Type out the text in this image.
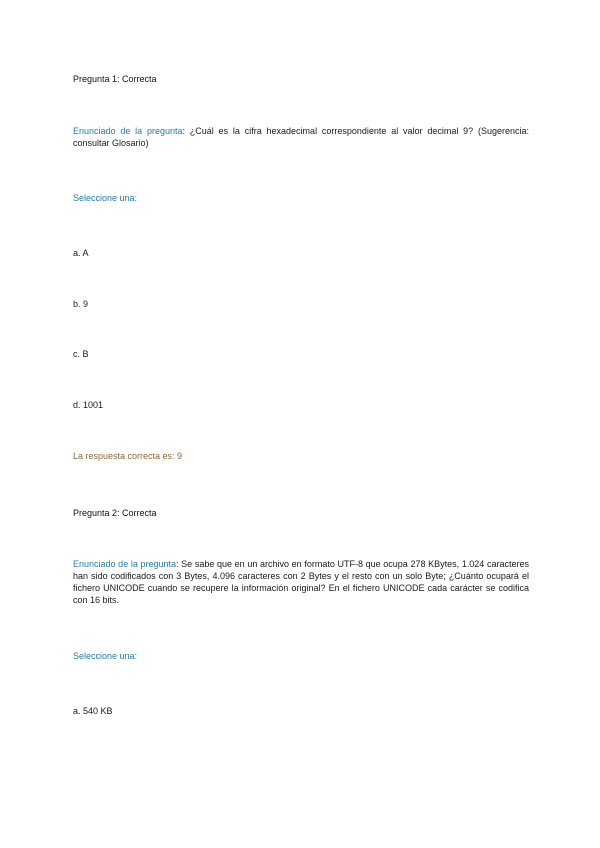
Pregunta 1: Correcta

Enunciado de la pregunta: ¿Cuál es la cifra hexadecimal correspondiente al valor decimal 9? (Sugerencia: consultar Glosario)

Seleccione una:

a. A

b. 9

c. B

d. 1001

La respuesta correcta es: 9

Pregunta 2: Correcta

Enunciado de la pregunta: Se sabe que en un archivo en formato UTF-8 que ocupa 278 KBytes, 1.024 caracteres han sido codificados con 3 Bytes, 4.096 caracteres con 2 Bytes y el resto con un solo Byte; ¿Cuánto ocupará el fichero UNICODE cuando se recupere la información original? En el fichero UNICODE cada carácter se codifica con 16 bits.

Seleccione una:

a. 540 KB
